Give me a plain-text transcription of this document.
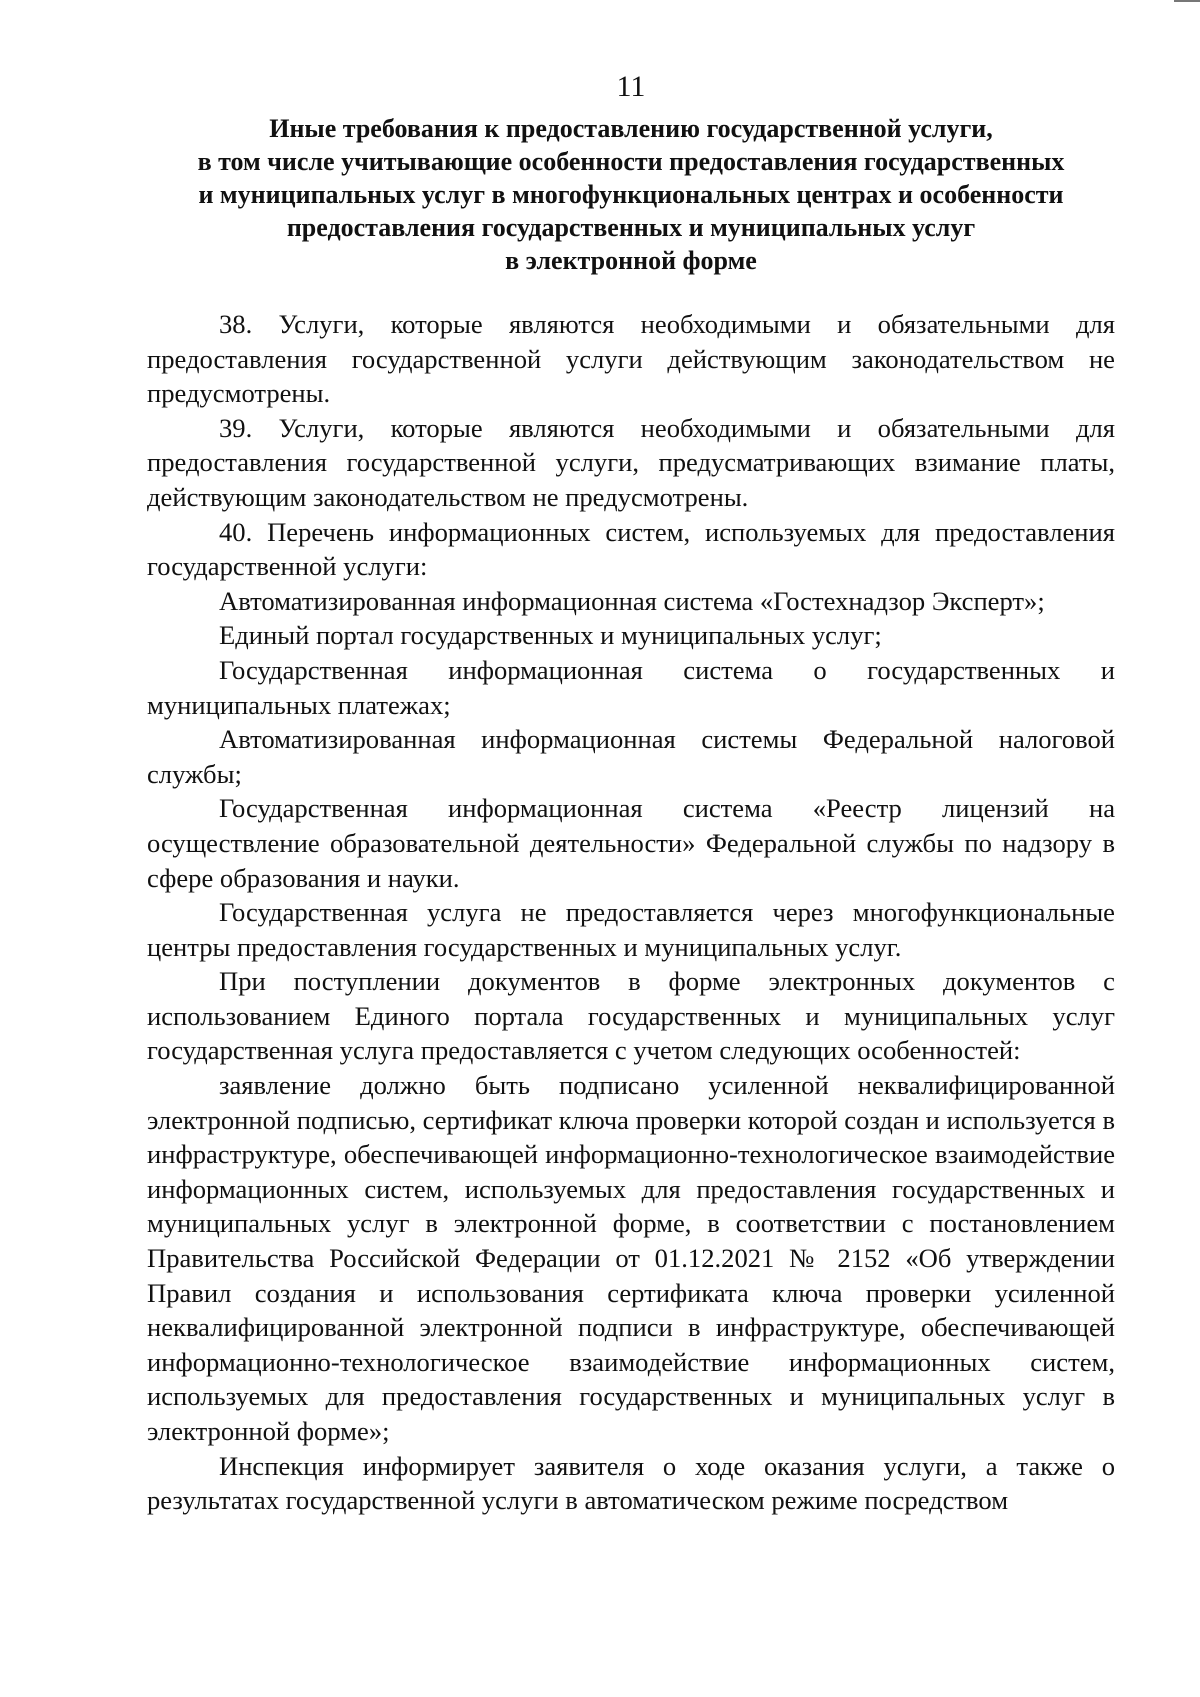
11
Иные требования к предоставлению государственной услуги,
в том числе учитывающие особенности предоставления государственных
и муниципальных услуг в многофункциональных центрах и особенности
предоставления государственных и муниципальных услуг
в электронной форме

38. Услуги, которые являются необходимыми и обязательными для предоставления государственной услуги действующим законодательством не предусмотрены.

39. Услуги, которые являются необходимыми и обязательными для предоставления государственной услуги, предусматривающих взимание платы, действующим законодательством не предусмотрены.

40. Перечень информационных систем, используемых для предоставления государственной услуги:

Автоматизированная информационная система «Гостехнадзор Эксперт»;

Единый портал государственных и муниципальных услуг;

Государственная информационная система о государственных и муниципальных платежах;

Автоматизированная информационная системы Федеральной налоговой службы;

Государственная информационная система «Реестр лицензий на осуществление образовательной деятельности» Федеральной службы по надзору в сфере образования и науки.

Государственная услуга не предоставляется через многофункциональные центры предоставления государственных и муниципальных услуг.

При поступлении документов в форме электронных документов с использованием Единого портала государственных и муниципальных услуг государственная услуга предоставляется с учетом следующих особенностей:

заявление должно быть подписано усиленной неквалифицированной электронной подписью, сертификат ключа проверки которой создан и используется в инфраструктуре, обеспечивающей информационно-технологическое взаимодействие информационных систем, используемых для предоставления государственных и муниципальных услуг в электронной форме, в соответствии с постановлением Правительства Российской Федерации от 01.12.2021 № 2152 «Об утверждении Правил создания и использования сертификата ключа проверки усиленной неквалифицированной электронной подписи в инфраструктуре, обеспечивающей информационно-технологическое взаимодействие информационных систем, используемых для предоставления государственных и муниципальных услуг в электронной форме»;

Инспекция информирует заявителя о ходе оказания услуги, а также о результатах государственной услуги в автоматическом режиме посредством
